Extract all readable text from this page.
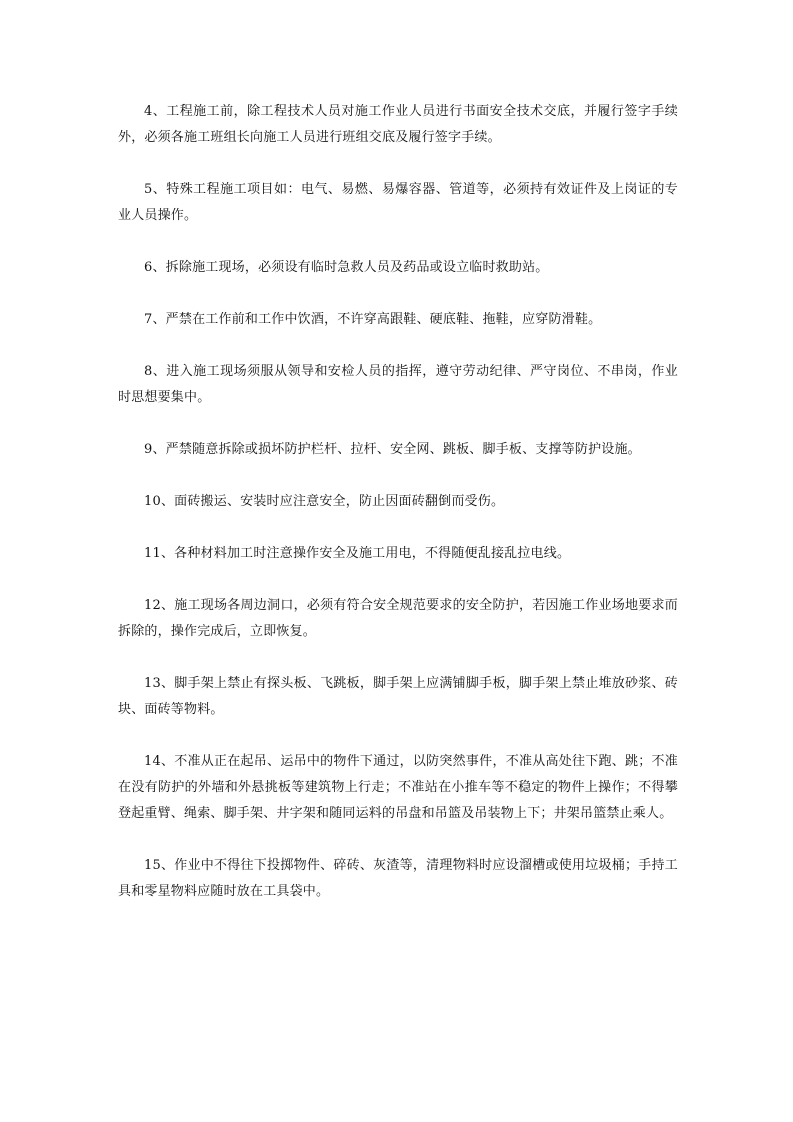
4、工程施工前，除工程技术人员对施工作业人员进行书面安全技术交底，并履行签字手续外，必须各施工班组长向施工人员进行班组交底及履行签字手续。

5、特殊工程施工项目如：电气、易燃、易爆容器、管道等，必须持有效证件及上岗证的专业人员操作。

6、拆除施工现场，必须设有临时急救人员及药品或设立临时救助站。

7、严禁在工作前和工作中饮酒，不许穿高跟鞋、硬底鞋、拖鞋，应穿防滑鞋。

8、进入施工现场须服从领导和安检人员的指挥，遵守劳动纪律、严守岗位、不串岗，作业时思想要集中。

9、严禁随意拆除或损坏防护栏杆、拉杆、安全网、跳板、脚手板、支撑等防护设施。

10、面砖搬运、安装时应注意安全，防止因面砖翻倒而受伤。

11、各种材料加工时注意操作安全及施工用电，不得随便乱接乱拉电线。

12、施工现场各周边洞口，必须有符合安全规范要求的安全防护，若因施工作业场地要求而拆除的，操作完成后，立即恢复。

13、脚手架上禁止有探头板、飞跳板，脚手架上应满铺脚手板，脚手架上禁止堆放砂浆、砖块、面砖等物料。

14、不准从正在起吊、运吊中的物件下通过，以防突然事件，不准从高处往下跑、跳；不准在没有防护的外墙和外悬挑板等建筑物上行走；不准站在小推车等不稳定的物件上操作；不得攀登起重臂、绳索、脚手架、井字架和随同运料的吊盘和吊篮及吊装物上下；井架吊篮禁止乘人。

15、作业中不得往下投掷物件、碎砖、灰渣等，清理物料时应设溜槽或使用垃圾桶；手持工具和零星物料应随时放在工具袋中。
